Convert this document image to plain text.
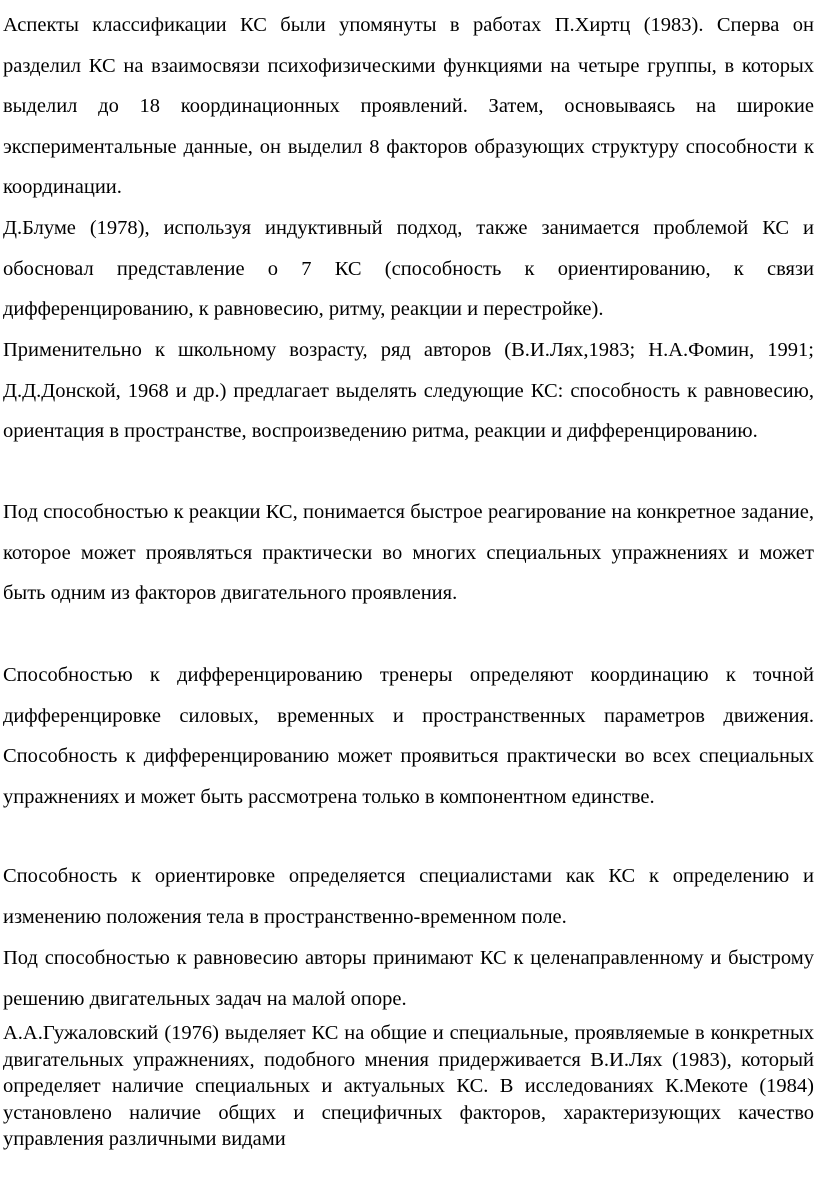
Аспекты классификации КС были упомянуты в работах П.Хиртц (1983). Сперва он разделил КС на взаимосвязи психофизическими функциями на четыре группы, в которых выделил до 18 координационных проявлений. Затем, основываясь на широкие экспериментальные данные, он выделил 8 факторов образующих структуру способности к координации.

Д.Блуме (1978), используя индуктивный подход, также занимается проблемой КС и обосновал представление о 7 КС (способность к ориентированию, к связи дифференцированию, к равновесию, ритму, реакции и перестройке).

Применительно к школьному возрасту, ряд авторов (В.И.Лях,1983; Н.А.Фомин, 1991; Д.Д.Донской, 1968 и др.) предлагает выделять следующие КС: способность к равновесию, ориентация в пространстве, воспроизведению ритма, реакции и дифференцированию.

Под способностью к реакции КС, понимается быстрое реагирование на конкретное задание, которое может проявляться практически во многих специальных упражнениях и может быть одним из факторов двигательного проявления.

Способностью к дифференцированию тренеры определяют координацию к точной дифференцировке силовых, временных и пространственных параметров движения. Способность к дифференцированию может проявиться практически во всех специальных упражнениях и может быть рассмотрена только в компонентном единстве.

Способность к ориентировке определяется специалистами как КС к определению и изменению положения тела в пространственно-временном поле.

Под способностью к равновесию авторы принимают КС к целенаправленному и быстрому решению двигательных задач на малой опоре.

А.А.Гужаловский (1976) выделяет КС на общие и специальные, проявляемые в конкретных двигательных упражнениях, подобного мнения придерживается В.И.Лях (1983), который определяет наличие специальных и актуальных КС. В исследованиях К.Мекоте (1984) установлено наличие общих и специфичных факторов, характеризующих качество управления различными видами
